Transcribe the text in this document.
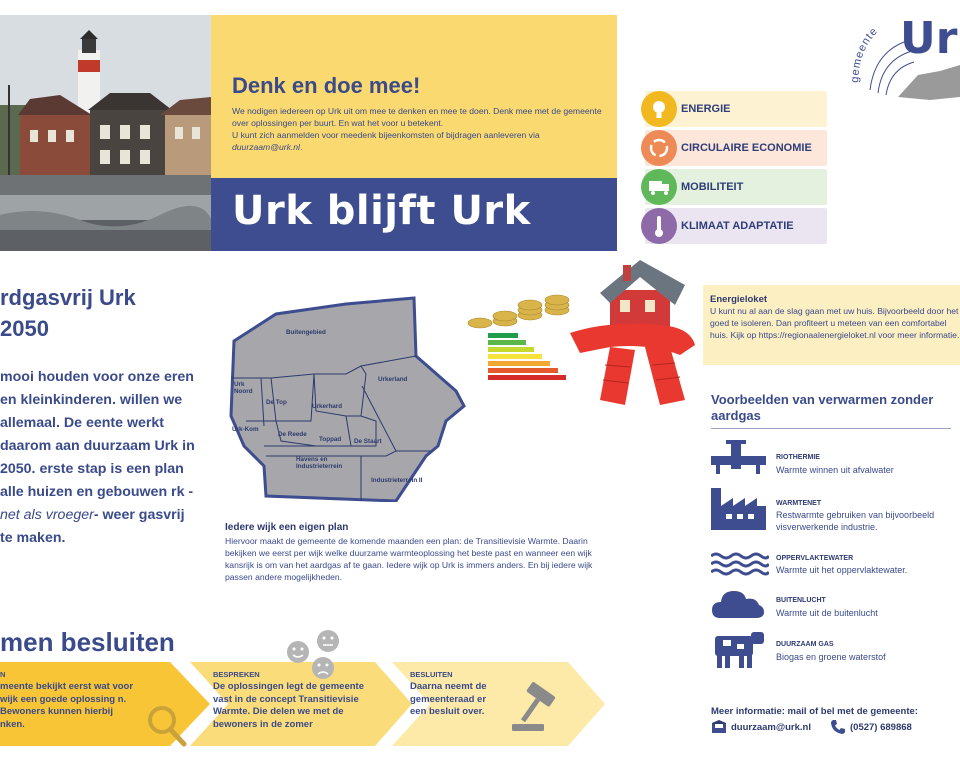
Denk en doe mee!

We nodigen iedereen op Urk uit om mee te denken en mee te doen. Denk mee met de gemeente over oplossingen per buurt. En wat het voor u betekent.
U kunt zich aanmelden voor meedenk bijeenkomsten of bijdragen aanleveren via duurzaam@urk.nl.

Urk blijft Urk
gemeente Ur
ENERGIE
CIRCULAIRE ECONOMIE
MOBILITEIT
KLIMAAT ADAPTATIE
rdgasvrij Urk
2050
mooi houden voor onze eren en kleinkinderen. willen we allemaal. De eente werkt daarom aan duurzaam Urk in 2050. erste stap is een plan alle huizen en gebouwen rk -net als vroeger- weer gasvrij te maken.
Buitengebied
Urkerland
Urkerhard
De Top
De Reede
Toppad De Staart
Urk-Kom
Industrieterrein II
Urk Noord
Havens en Industrieterrein
Iedere wijk een eigen plan
Hiervoor maakt de gemeente de komende maanden een plan: de Transitievisie Warmte. Daarin bekijken we eerst per wijk welke duurzame warmteoplossing het beste past en wanneer een wijk kansrijk is om van het aardgas af te gaan. Iedere wijk op Urk is immers anders. En bij iedere wijk passen andere mogelijkheden.
Energieloket

U kunt nu al aan de slag gaan met uw huis. Bijvoorbeeld door het goed te isoleren. Dan profiteert u meteen van een comfortabel huis. Kijk op https://regionaalenergieloket.nl voor meer informatie.

Voorbeelden van verwarmen zonder aardgas
RIOTHERMIE
Warmte winnen uit afvalwater
WARMTENET
Restwarmte gebruiken van bijvoorbeeld visverwerkende industrie.
OPPERVLAKTEWATER
Warmte uit het oppervlaktewater.
BUITENLUCHT
Warmte uit de buitenlucht
DUURZAAM GAS
Biogas en groene waterstof
Meer informatie: mail of bel met de gemeente:
duurzaam@urk.nl	(0527) 689868
men besluiten
N
meente bekijkt eerst wat voor wijk een goede oplossing n. Bewoners kunnen hierbij nken.
BESPREKEN
De oplossingen legt de gemeente vast in de concept Transitievisie Warmte. Die delen we met de bewoners in de zomer
BESLUITEN
Daarna neemt de gemeenteraad er een besluit over.
